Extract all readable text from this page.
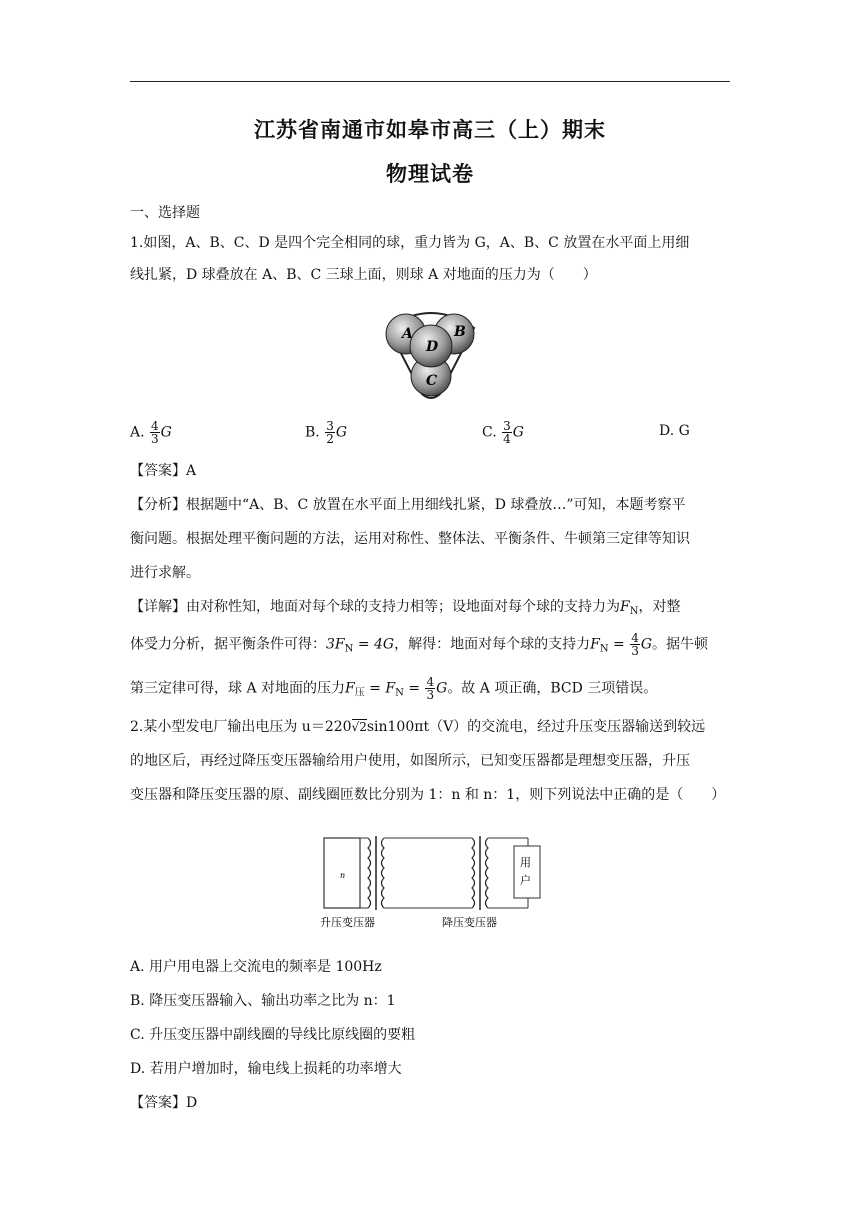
江苏省南通市如皋市高三（上）期末
物理试卷
一、选择题
1.如图，A、B、C、D 是四个完全相同的球，重力皆为 G，A、B、C 放置在水平面上用细
线扎紧，D 球叠放在 A、B、C 三球上面，则球 A 对地面的压力为（　　）
A	B
D
C
A. $\frac{4}{3}$ G	B. $\frac{3}{2}$ G	C. $\frac{3}{4}$ G	D. G
【答案】A
【分析】根据题中“A、B、C 放置在水平面上用细线扎紧，D 球叠放…”可知，本题考察平
衡问题。根据处理平衡问题的方法，运用对称性、整体法、平衡条件、牛顿第三定律等知识
进行求解。
【详解】由对称性知，地面对每个球的支持力相等；设地面对每个球的支持力为$F_N$，对整
体受力分析，据平衡条件可得：$3F_N = 4G$，解得：地面对每个球的支持力$F_N = \frac{4}{3}$ G。据牛顿
第三定律可得，球 A 对地面的压力$F_压 = F_N = \frac{4}{3}$ G。故 A 项正确，BCD 三项错误。
2.某小型发电厂输出电压为 u＝220√2sin100πt（V）的交流电，经过升压变压器输送到较远
的地区后，再经过降压变压器输给用户使用，如图所示，已知变压器都是理想变压器，升压
变压器和降压变压器的原、副线圈匝数比分别为 1：n 和 n：1，则下列说法中正确的是（　　）
用
户
n
升压变压器	降压变压器
A. 用户用电器上交流电的频率是 100Hz
B. 降压变压器输入、输出功率之比为 n：1
C. 升压变压器中副线圈的导线比原线圈的要粗
D. 若用户增加时，输电线上损耗的功率增大
【答案】D
